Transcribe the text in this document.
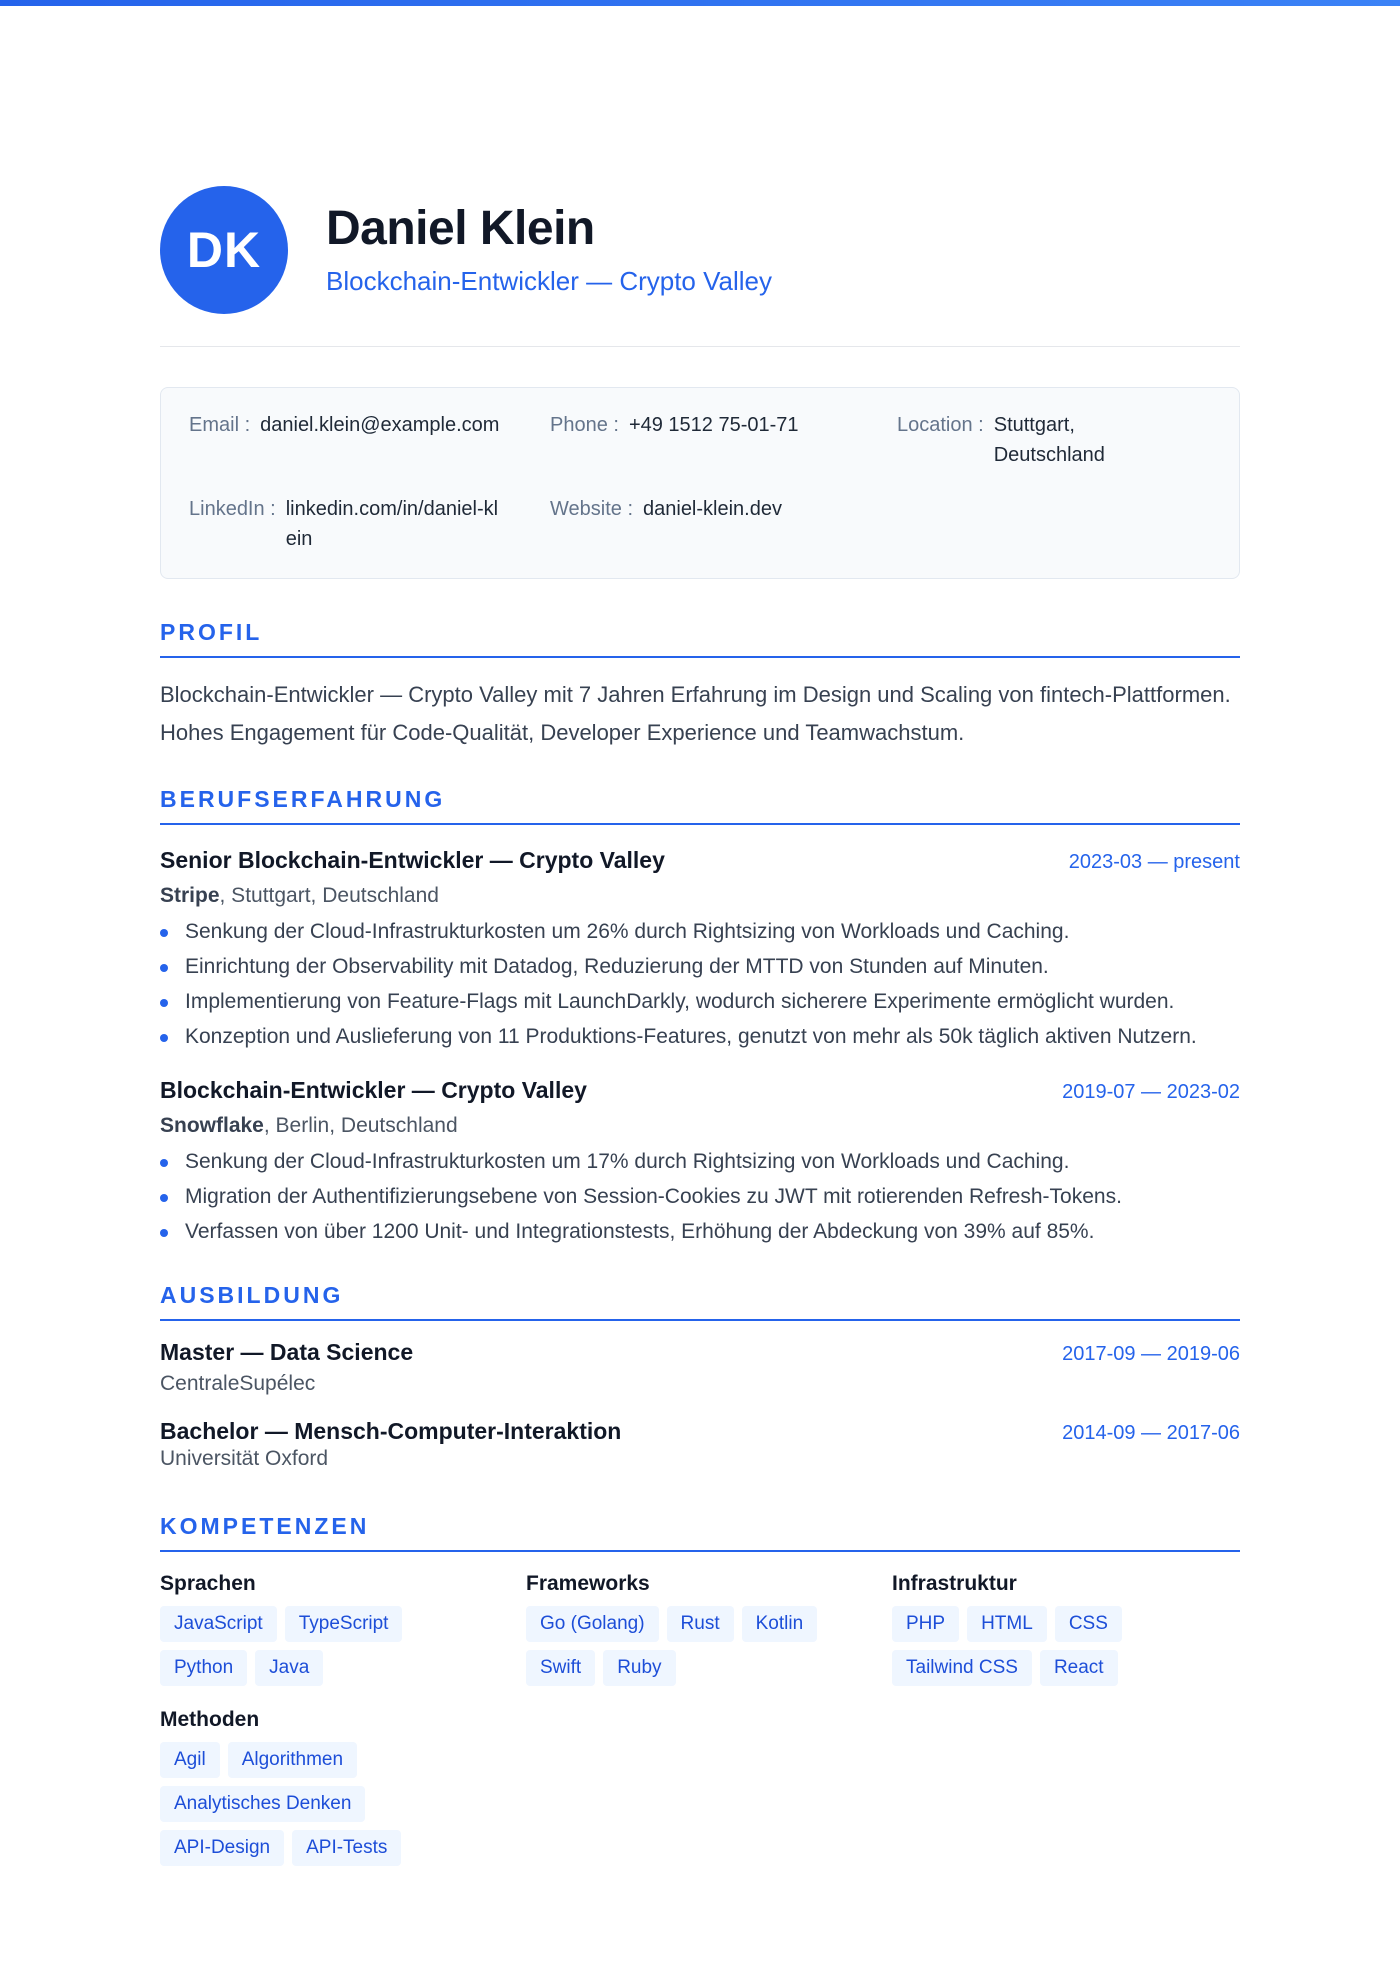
DK	Daniel Klein
Blockchain-Entwickler — Crypto Valley
Email : daniel.klein@example.com	Phone : +49 1512 75-01-71	Location : Stuttgart, Deutschland
LinkedIn : linkedin.com/in/daniel-klein
Website : daniel-klein.dev
PROFIL
Blockchain-Entwickler — Crypto Valley mit 7 Jahren Erfahrung im Design und Scaling von fintech-Plattformen. Hohes Engagement für Code-Qualität, Developer Experience und Teamwachstum.
BERUFSERFAHRUNG
Senior Blockchain-Entwickler — Crypto Valley	2023-03 — present
Stripe, Stuttgart, Deutschland
Senkung der Cloud-Infrastrukturkosten um 26% durch Rightsizing von Workloads und Caching.
Einrichtung der Observability mit Datadog, Reduzierung der MTTD von Stunden auf Minuten.
Implementierung von Feature-Flags mit LaunchDarkly, wodurch sicherere Experimente ermöglicht wurden.
Konzeption und Auslieferung von 11 Produktions-Features, genutzt von mehr als 50k täglich aktiven Nutzern.
Blockchain-Entwickler — Crypto Valley	2019-07 — 2023-02
Snowflake, Berlin, Deutschland
Senkung der Cloud-Infrastrukturkosten um 17% durch Rightsizing von Workloads und Caching.
Migration der Authentifizierungsebene von Session-Cookies zu JWT mit rotierenden Refresh-Tokens.
Verfassen von über 1200 Unit- und Integrationstests, Erhöhung der Abdeckung von 39% auf 85%.
AUSBILDUNG
Master — Data Science	2017-09 — 2019-06
CentraleSupélec
Bachelor — Mensch-Computer-Interaktion	2014-09 — 2017-06
Universität Oxford
KOMPETENZEN
Sprachen
JavaScript	TypeScript
Python	Java
Frameworks
Go (Golang)	Rust	Kotlin
Swift	Ruby
Infrastruktur
PHP	HTML	CSS
Tailwind CSS	React
Methoden
Agil	Algorithmen
Analytisches Denken
API-Design	API-Tests
